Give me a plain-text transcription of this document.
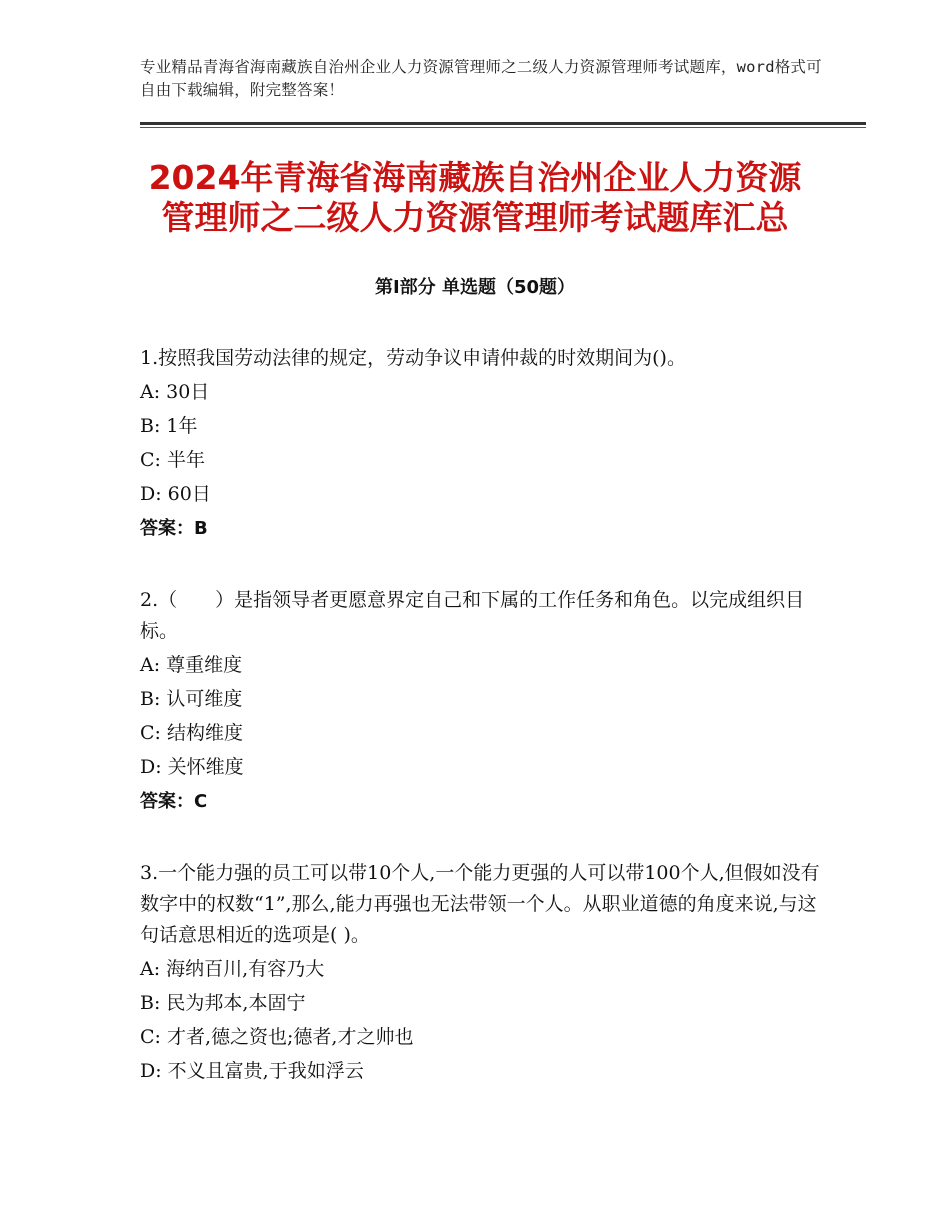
专业精品青海省海南藏族自治州企业人力资源管理师之二级人力资源管理师考试题库，word格式可自由下载编辑，附完整答案！
2024年青海省海南藏族自治州企业人力资源
管理师之二级人力资源管理师考试题库汇总
第Ⅰ部分 单选题（50题）
1.按照我国劳动法律的规定，劳动争议申请仲裁的时效期间为()。
A: 30日
B: 1年
C: 半年
D: 60日
答案：B
2.（　　）是指领导者更愿意界定自己和下属的工作任务和角色。以完成组织目标。
A: 尊重维度
B: 认可维度
C: 结构维度
D: 关怀维度
答案：C
3.一个能力强的员工可以带10个人,一个能力更强的人可以带100个人,但假如没有数字中的权数“1”,那么,能力再强也无法带领一个人。从职业道德的角度来说,与这句话意思相近的选项是( )。
A: 海纳百川,有容乃大
B: 民为邦本,本固宁
C: 才者,德之资也;德者,才之帅也
D: 不义且富贵,于我如浮云
